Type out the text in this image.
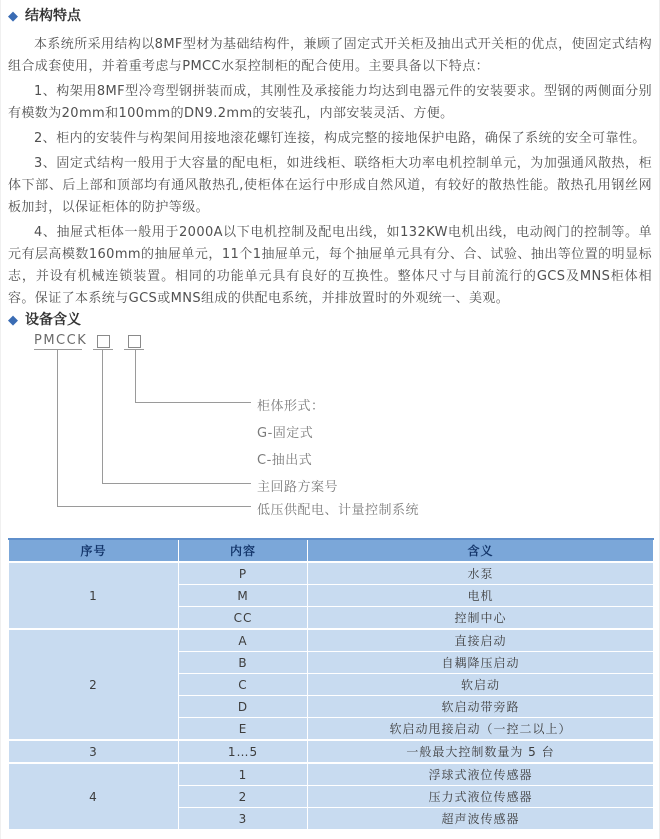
◆ 结构特点

本系统所采用结构以8MF型材为基础结构件，兼顾了固定式开关柜及抽出式开关柜的优点，使固定式结构组合成套使用，并着重考虑与PMCC水泵控制柜的配合使用。主要具备以下特点：

1、构架用8MF型冷弯型钢拼装而成，其刚性及承接能力均达到电器元件的安装要求。型钢的两侧面分别有模数为20mm和100mm的DN9.2mm的安装孔，内部安装灵活、方便。

2、柜内的安装件与构架间用接地滚花螺钉连接，构成完整的接地保护电路，确保了系统的安全可靠性。

3、固定式结构一般用于大容量的配电柜，如进线柜、联络柜大功率电机控制单元，为加强通风散热，柜体下部、后上部和顶部均有通风散热孔,使柜体在运行中形成自然风道，有较好的散热性能。散热孔用钢丝网板加封，以保证柜体的防护等级。

4、抽屉式柜体一般用于2000A以下电机控制及配电出线，如132KW电机出线，电动阀门的控制等。单元有层高模数160mm的抽屉单元，11个1抽屉单元，每个抽屉单元具有分、合、试验、抽出等位置的明显标志，并设有机械连锁装置。相同的功能单元具有良好的互换性。整体尺寸与目前流行的GCS及MNS柜体相容。保证了本系统与GCS或MNS组成的供配电系统，并排放置时的外观统一、美观。

◆ 设备含义
PMCCK
柜体形式：
G-固定式
C-抽出式
主回路方案号
低压供配电、计量控制系统
序号	内容	含义
1	P	水泵
	M	电机
	CC	控制中心
2	A	直接启动
	B	自耦降压启动
	C	软启动
	D	软启动带旁路
	E	软启动甩接启动（一控二以上）
3	1…5	一般最大控制数量为 5 台
4	1	浮球式液位传感器
	2	压力式液位传感器
	3	超声波传感器
